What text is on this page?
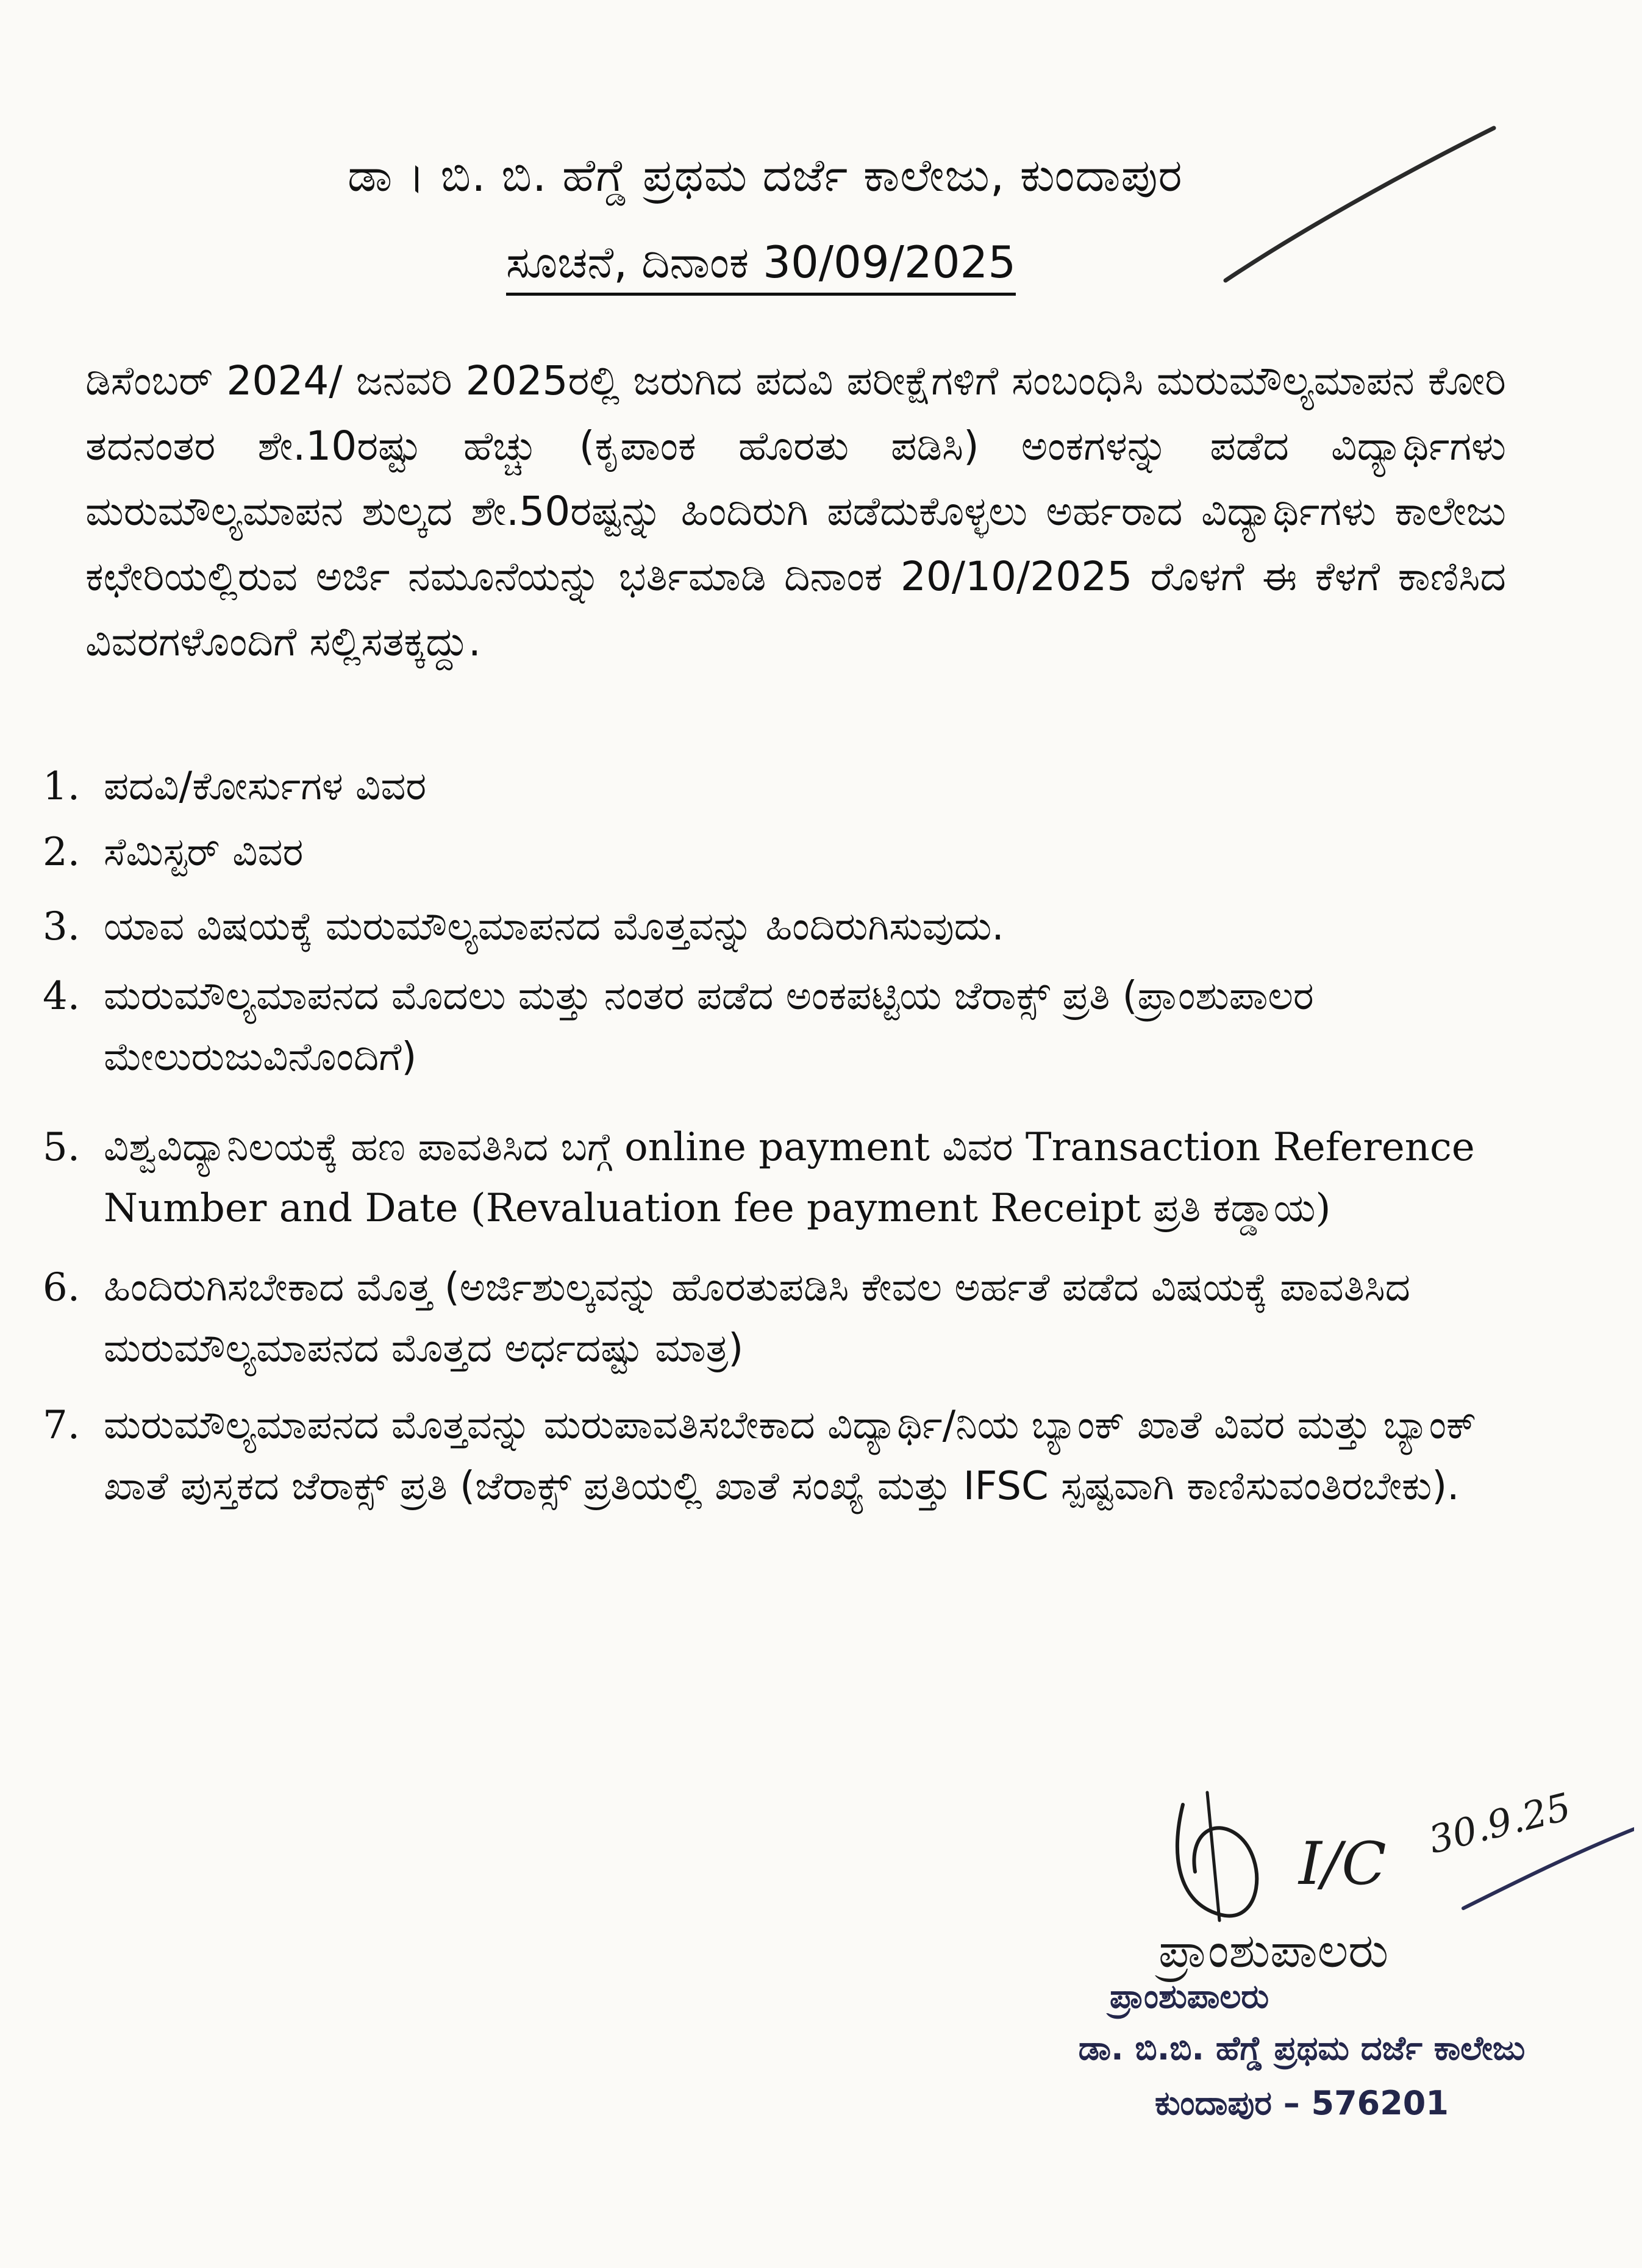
ಡಾ । ಬಿ. ಬಿ. ಹೆಗ್ಡೆ ಪ್ರಥಮ ದರ್ಜೆ ಕಾಲೇಜು, ಕುಂದಾಪುರ
ಸೂಚನೆ, ದಿನಾಂಕ 30/09/2025

ಡಿಸೆಂಬರ್ 2024/ ಜನವರಿ 2025ರಲ್ಲಿ ಜರುಗಿದ ಪದವಿ ಪರೀಕ್ಷೆಗಳಿಗೆ ಸಂಬಂಧಿಸಿ ಮರುಮೌಲ್ಯಮಾಪನ ಕೋರಿ ತದನಂತರ ಶೇ.10ರಷ್ಟು ಹೆಚ್ಚು (ಕೃಪಾಂಕ ಹೊರತು ಪಡಿಸಿ) ಅಂಕಗಳನ್ನು ಪಡೆದ ವಿದ್ಯಾರ್ಥಿಗಳು ಮರುಮೌಲ್ಯಮಾಪನ ಶುಲ್ಕದ ಶೇ.50ರಷ್ಟನ್ನು ಹಿಂದಿರುಗಿ ಪಡೆದುಕೊಳ್ಳಲು ಅರ್ಹರಾದ ವಿದ್ಯಾರ್ಥಿಗಳು ಕಾಲೇಜು ಕಛೇರಿಯಲ್ಲಿರುವ ಅರ್ಜಿ ನಮೂನೆಯನ್ನು ಭರ್ತಿಮಾಡಿ ದಿನಾಂಕ 20/10/2025 ರೊಳಗೆ ಈ ಕೆಳಗೆ ಕಾಣಿಸಿದ ವಿವರಗಳೊಂದಿಗೆ ಸಲ್ಲಿಸತಕ್ಕದ್ದು.

1. ಪದವಿ/ಕೋರ್ಸುಗಳ ವಿವರ
2. ಸೆಮಿಸ್ಟರ್ ವಿವರ
3. ಯಾವ ವಿಷಯಕ್ಕೆ ಮರುಮೌಲ್ಯಮಾಪನದ ಮೊತ್ತವನ್ನು ಹಿಂದಿರುಗಿಸುವುದು.
4. ಮರುಮೌಲ್ಯಮಾಪನದ ಮೊದಲು ಮತ್ತು ನಂತರ ಪಡೆದ ಅಂಕಪಟ್ಟಿಯ ಜೆರಾಕ್ಸ್ ಪ್ರತಿ (ಪ್ರಾಂಶುಪಾಲರ ಮೇಲುರುಜುವಿನೊಂದಿಗೆ)
5. ವಿಶ್ವವಿದ್ಯಾನಿಲಯಕ್ಕೆ ಹಣ ಪಾವತಿಸಿದ ಬಗ್ಗೆ online payment ವಿವರ Transaction Reference Number and Date (Revaluation fee payment Receipt ಪ್ರತಿ ಕಡ್ಡಾಯ)
6. ಹಿಂದಿರುಗಿಸಬೇಕಾದ ಮೊತ್ತ (ಅರ್ಜಿಶುಲ್ಕವನ್ನು ಹೊರತುಪಡಿಸಿ ಕೇವಲ ಅರ್ಹತೆ ಪಡೆದ ವಿಷಯಕ್ಕೆ ಪಾವತಿಸಿದ ಮರುಮೌಲ್ಯಮಾಪನದ ಮೊತ್ತದ ಅರ್ಧದಷ್ಟು ಮಾತ್ರ)
7. ಮರುಮೌಲ್ಯಮಾಪನದ ಮೊತ್ತವನ್ನು ಮರುಪಾವತಿಸಬೇಕಾದ ವಿದ್ಯಾರ್ಥಿ/ನಿಯ ಬ್ಯಾಂಕ್ ಖಾತೆ ವಿವರ ಮತ್ತು ಬ್ಯಾಂಕ್ ಖಾತೆ ಪುಸ್ತಕದ ಜೆರಾಕ್ಸ್ ಪ್ರತಿ (ಜೆರಾಕ್ಸ್ ಪ್ರತಿಯಲ್ಲಿ ಖಾತೆ ಸಂಖ್ಯೆ ಮತ್ತು IFSC ಸ್ಪಷ್ಟವಾಗಿ ಕಾಣಿಸುವಂತಿರಬೇಕು).
I/C
30.9.25
ಪ್ರಾಂಶುಪಾಲರು
ಪ್ರಾಂಶುಪಾಲರು
ಡಾ. ಬಿ.ಬಿ. ಹೆಗ್ಡೆ ಪ್ರಥಮ ದರ್ಜೆ ಕಾಲೇಜು
ಕುಂದಾಪುರ – 576201
